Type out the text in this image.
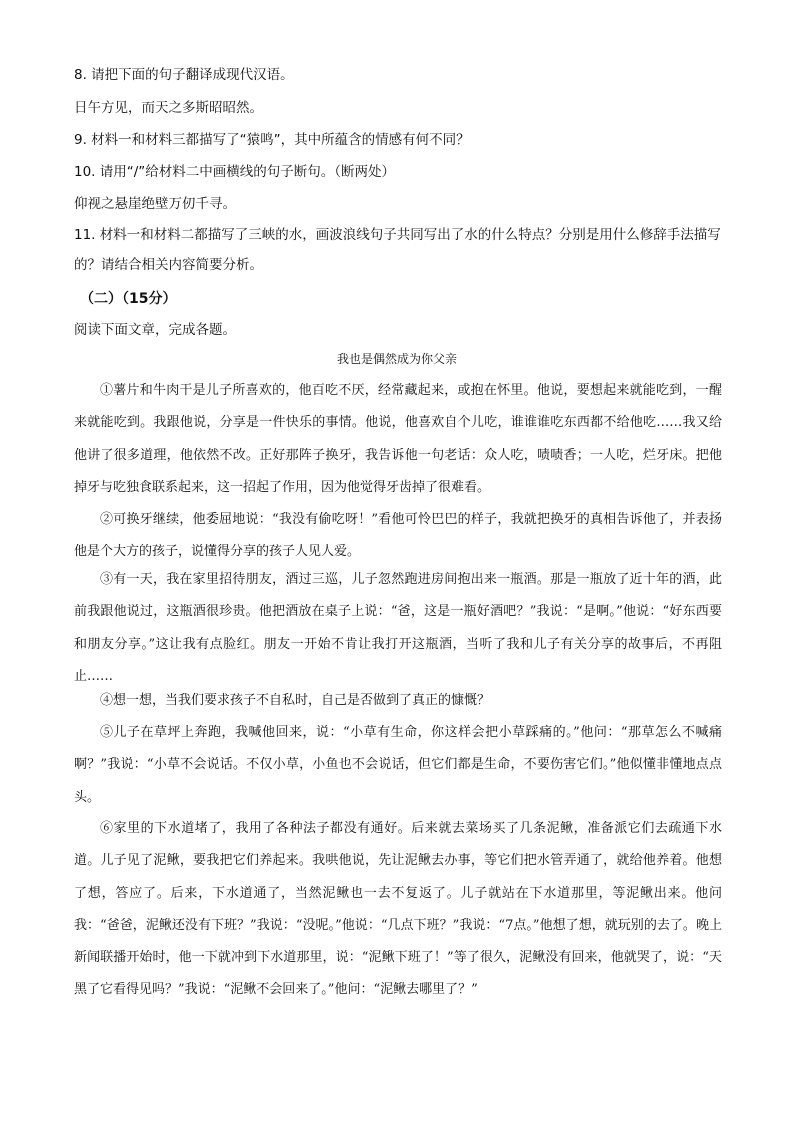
8. 请把下面的句子翻译成现代汉语。
日午方见，而天之多斯昭昭然。
9. 材料一和材料三都描写了“猿鸣”，其中所蕴含的情感有何不同？
10. 请用“/”给材料二中画横线的句子断句。（断两处）
仰视之悬崖绝壁万仞千寻。
11. 材料一和材料二都描写了三峡的水，画波浪线句子共同写出了水的什么特点？分别是用什么修辞手法描写的？请结合相关内容简要分析。
（二）（15分）
阅读下面文章，完成各题。
我也是偶然成为你父亲

①薯片和牛肉干是儿子所喜欢的，他百吃不厌，经常藏起来，或抱在怀里。他说，要想起来就能吃到，一醒来就能吃到。我跟他说，分享是一件快乐的事情。他说，他喜欢自个儿吃，谁谁谁吃东西都不给他吃……我又给他讲了很多道理，他依然不改。正好那阵子换牙，我告诉他一句老话：众人吃，啧啧香；一人吃，烂牙床。把他掉牙与吃独食联系起来，这一招起了作用，因为他觉得牙齿掉了很难看。

②可换牙继续，他委屈地说：“我没有偷吃呀！”看他可怜巴巴的样子，我就把换牙的真相告诉他了，并表扬他是个大方的孩子，说懂得分享的孩子人见人爱。

③有一天，我在家里招待朋友，酒过三巡，儿子忽然跑进房间抱出来一瓶酒。那是一瓶放了近十年的酒，此前我跟他说过，这瓶酒很珍贵。他把酒放在桌子上说：“爸，这是一瓶好酒吧？”我说：“是啊。”他说：“好东西要和朋友分享。”这让我有点脸红。朋友一开始不肯让我打开这瓶酒，当听了我和儿子有关分享的故事后，不再阻止……

④想一想，当我们要求孩子不自私时，自己是否做到了真正的慷慨？

⑤儿子在草坪上奔跑，我喊他回来，说：“小草有生命，你这样会把小草踩痛的。”他问：“那草怎么不喊痛啊？”我说：“小草不会说话。不仅小草，小鱼也不会说话，但它们都是生命，不要伤害它们。”他似懂非懂地点点头。

⑥家里的下水道堵了，我用了各种法子都没有通好。后来就去菜场买了几条泥鳅，准备派它们去疏通下水道。儿子见了泥鳅，要我把它们养起来。我哄他说，先让泥鳅去办事，等它们把水管弄通了，就给他养着。他想了想，答应了。后来，下水道通了，当然泥鳅也一去不复返了。儿子就站在下水道那里，等泥鳅出来。他问我：“爸爸，泥鳅还没有下班？”我说：“没呢。”他说：“几点下班？”我说：“7点。”他想了想，就玩别的去了。晚上新闻联播开始时，他一下就冲到下水道那里，说：“泥鳅下班了！”等了很久，泥鳅没有回来，他就哭了，说：“天黑了它看得见吗？”我说：“泥鳅不会回来了。”他问：“泥鳅去哪里了？”
